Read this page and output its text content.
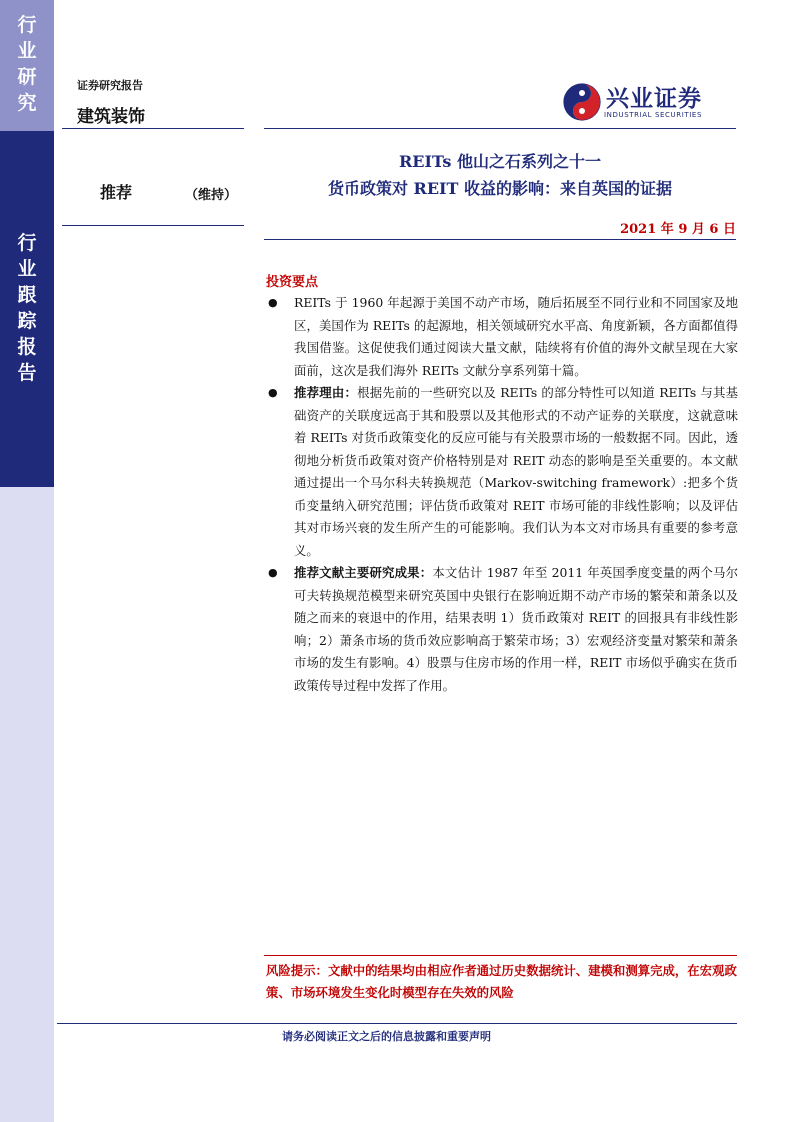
行
业
研
究
行
业
跟
踪
报
告
证券研究报告
建筑装饰
推荐	（维持）
兴业证券
INDUSTRIAL SECURITIES
REITs 他山之石系列之十一
货币政策对 REIT 收益的影响：来自英国的证据
2021 年 9 月 6 日
投资要点
● REITs 于 1960 年起源于美国不动产市场，随后拓展至不同行业和不同国家及地区，美国作为 REITs 的起源地，相关领域研究水平高、角度新颖，各方面都值得我国借鉴。这促使我们通过阅读大量文献，陆续将有价值的海外文献呈现在大家面前，这次是我们海外 REITs 文献分享系列第十篇。
● 推荐理由：根据先前的一些研究以及 REITs 的部分特性可以知道 REITs 与其基础资产的关联度远高于其和股票以及其他形式的不动产证券的关联度，这就意味着 REITs 对货币政策变化的反应可能与有关股票市场的一般数据不同。因此，透彻地分析货币政策对资产价格特别是对 REIT 动态的影响是至关重要的。本文献通过提出一个马尔科夫转换规范（Markov-switching framework）:把多个货币变量纳入研究范围；评估货币政策对 REIT 市场可能的非线性影响；以及评估其对市场兴衰的发生所产生的可能影响。我们认为本文对市场具有重要的参考意义。
● 推荐文献主要研究成果：本文估计 1987 年至 2011 年英国季度变量的两个马尔可夫转换规范模型来研究英国中央银行在影响近期不动产市场的繁荣和萧条以及随之而来的衰退中的作用，结果表明 1）货币政策对 REIT 的回报具有非线性影响；2）萧条市场的货币效应影响高于繁荣市场；3）宏观经济变量对繁荣和萧条市场的发生有影响。4）股票与住房市场的作用一样，REIT 市场似乎确实在货币政策传导过程中发挥了作用。
风险提示：文献中的结果均由相应作者通过历史数据统计、建模和测算完成，在宏观政策、市场环境发生变化时模型存在失效的风险
请务必阅读正文之后的信息披露和重要声明
